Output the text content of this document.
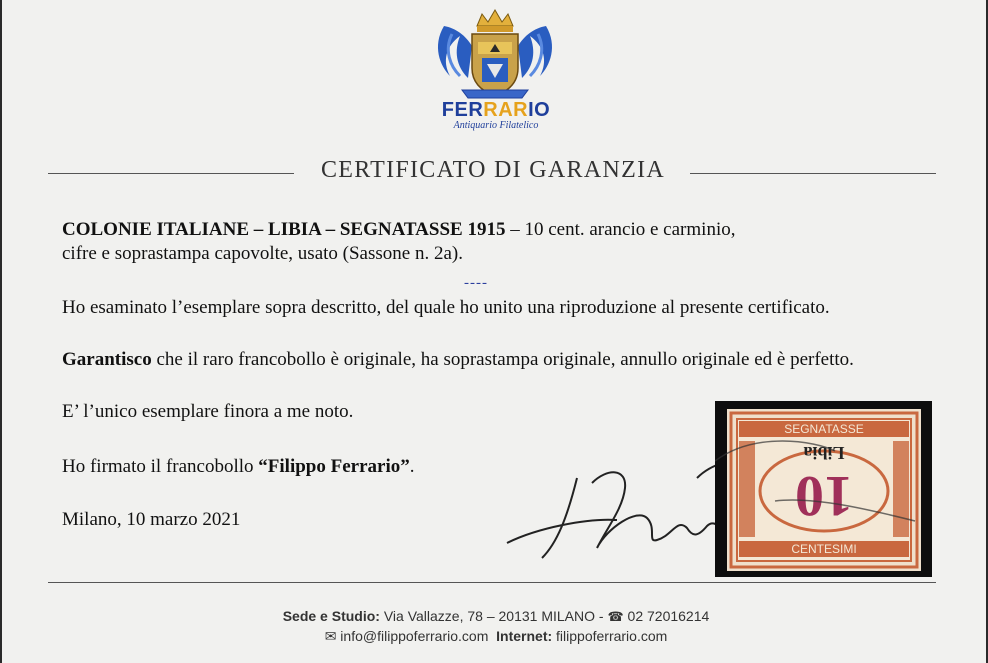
FERRARIO
Antiquario Filatelico
CERTIFICATO DI GARANZIA
COLONIE ITALIANE – LIBIA – SEGNATASSE 1915 – 10 cent. arancio e carminio,
cifre e soprastampa capovolte, usato (Sassone n. 2a).
----
Ho esaminato l’esemplare sopra descritto, del quale ho unito una riproduzione al presente certificato.
Garantisco che il raro francobollo è originale, ha soprastampa originale, annullo originale ed è perfetto.
E’ l’unico esemplare finora a me noto.
Ho firmato il francobollo “Filippo Ferrario”.
Milano, 10 marzo 2021
SEGNATASSE
CENTESIMI
10
Libia
Sede e Studio: Via Vallazze, 78 – 20131 MILANO - ☎ 02 72016214
✉ info@filippoferrario.com Internet: filippoferrario.com
